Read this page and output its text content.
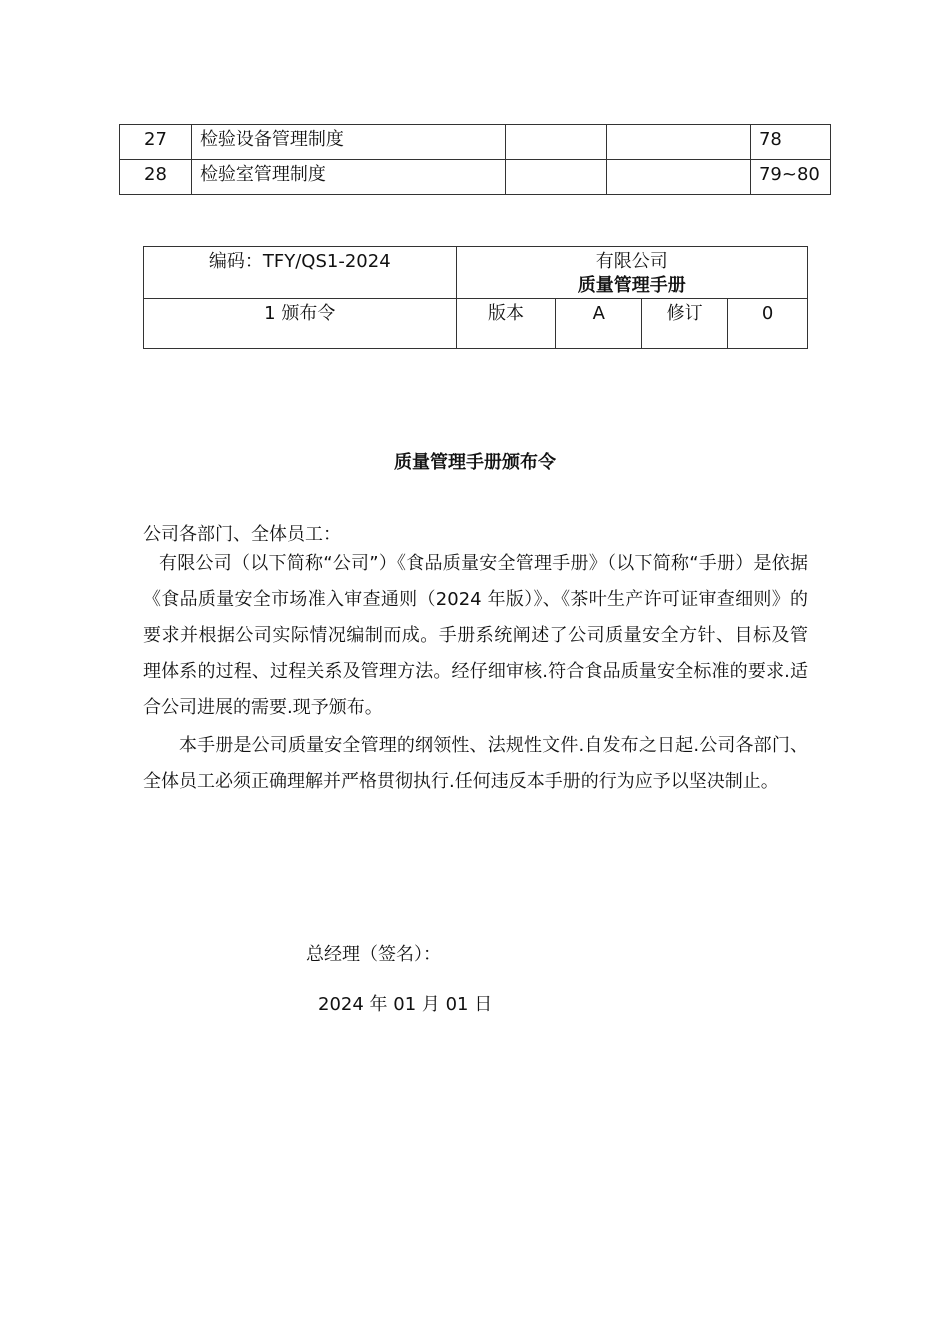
27	检验设备管理制度			78
28	检验室管理制度			79~80
编码：TFY/QS1-2024	有限公司
质量管理手册			

1 颁布令	版本	A	修订	0
质量管理手册颁布令
公司各部门、全体员工：
有限公司（以下简称“公司”）《食品质量安全管理手册》（以下简称“手册）是依据《食品质量安全市场准入审查通则（2024 年版）》、《茶叶生产许可证审查细则》的要求并根据公司实际情况编制而成。手册系统阐述了公司质量安全方针、目标及管理体系的过程、过程关系及管理方法。经仔细审核.符合食品质量安全标准的要求.适合公司进展的需要.现予颁布。
本手册是公司质量安全管理的纲领性、法规性文件.自发布之日起.公司各部门、全体员工必须正确理解并严格贯彻执行.任何违反本手册的行为应予以坚决制止。
总经理（签名）：
2024 年 01 月 01 日
